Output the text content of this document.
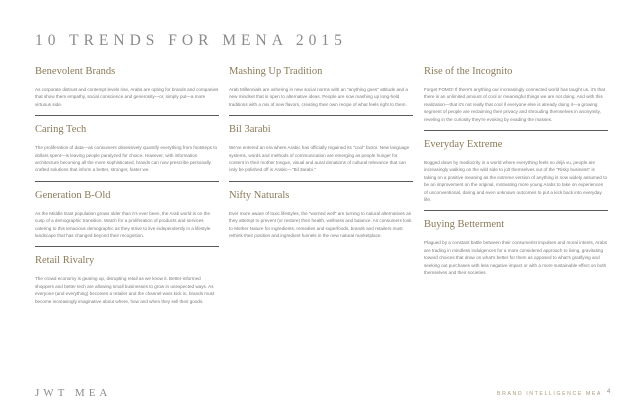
10 TRENDS FOR MENA 2015
Benevolent Brands

As corporate distrust and contempt levels rise, Arabs are opting for brands and companies that show them empathy, social conscience and generosity—or, simply put—a more virtuous side.

Caring Tech

The proliferation of data—as consumers obsessively quantify everything from footsteps to dollars spent—is leaving people paralyzed for choice. However, with information architecture becoming all the more sophisticated, brands can now prescribe personally crafted solutions that inform a better, stronger, faster we.

Generation B-Old

As the Middle East population grows older than it's ever been, the Arab world is on the cusp of a demographic transition. Watch for a proliferation of products and services catering to this tenacious demographic as they strive to live independently in a lifestyle landscape that has changed beyond their recognition.

Retail Rivalry

The crowd economy is gearing up, disrupting retail as we know it. Better-informed shoppers and better tech are allowing small businesses to grow in unexpected ways. As everyone (and everything) becomes a retailer and the channel wars kick in, brands must become increasingly imaginative about where, how and when they sell their goods.

Mashing Up Tradition

Arab Millennials are ushering in new social norms with an "anything goes" attitude and a new mindset that is open to alternative ideas. People are now mashing up long-held traditions with a mix of new flavors, creating their own recipe of what feels right to them.

Bil 3arabi

We've entered an era where Arabic has officially regained its "cool" factor. New language systems, words and methods of communication are emerging as people hunger for content in their mother tongue, visual and aural donations of cultural relevance that can only be polished off in Arabic—"Bil 3arabi."

Nifty Naturals

Ever more aware of toxic lifestyles, the "worried well" are turning to natural alternatives as they attempt to prevent (or restore) their health, wellness and balance. As consumers look to Mother Nature for ingredients, remedies and superfoods, brands and retailers must rethink their position and ingredient funnels in the new natural marketplace.

Rise of the Incognito

Forget FOMO! If there's anything our increasingly connected world has taught us, it's that there is an unlimited amount of cool or meaningful things we are not doing. And with this realization—that it's not really that cool if everyone else is already doing it—a growing segment of people are reclaiming their privacy and shrouding themselves in anonymity, reveling in the curiosity they're evoking by evading the masses.

Everyday Extreme

Bogged down by mediocrity in a world where everything feels so déjà vu, people are increasingly walking on the wild side to jolt themselves out of the "Risky business" is taking on a positive meaning as the extreme version of anything is now widely assumed to be an improvement on the original, motivating more young Arabs to take on experiences of unconventional, daring and even unknown outcomes to put a kick back into everyday life.

Buying Betterment

Plagued by a constant battle between their consumerist impulses and moral intents, Arabs are trading in mindless indulgences for a more considered approach to living, gravitating toward choices that draw on what's better for them as opposed to what's gratifying and seeking out purchases with less negative impact or with a more sustainable effect on both themselves and their societies.

JWT MEA	BRAND INTELLIGENCE MEA 4
